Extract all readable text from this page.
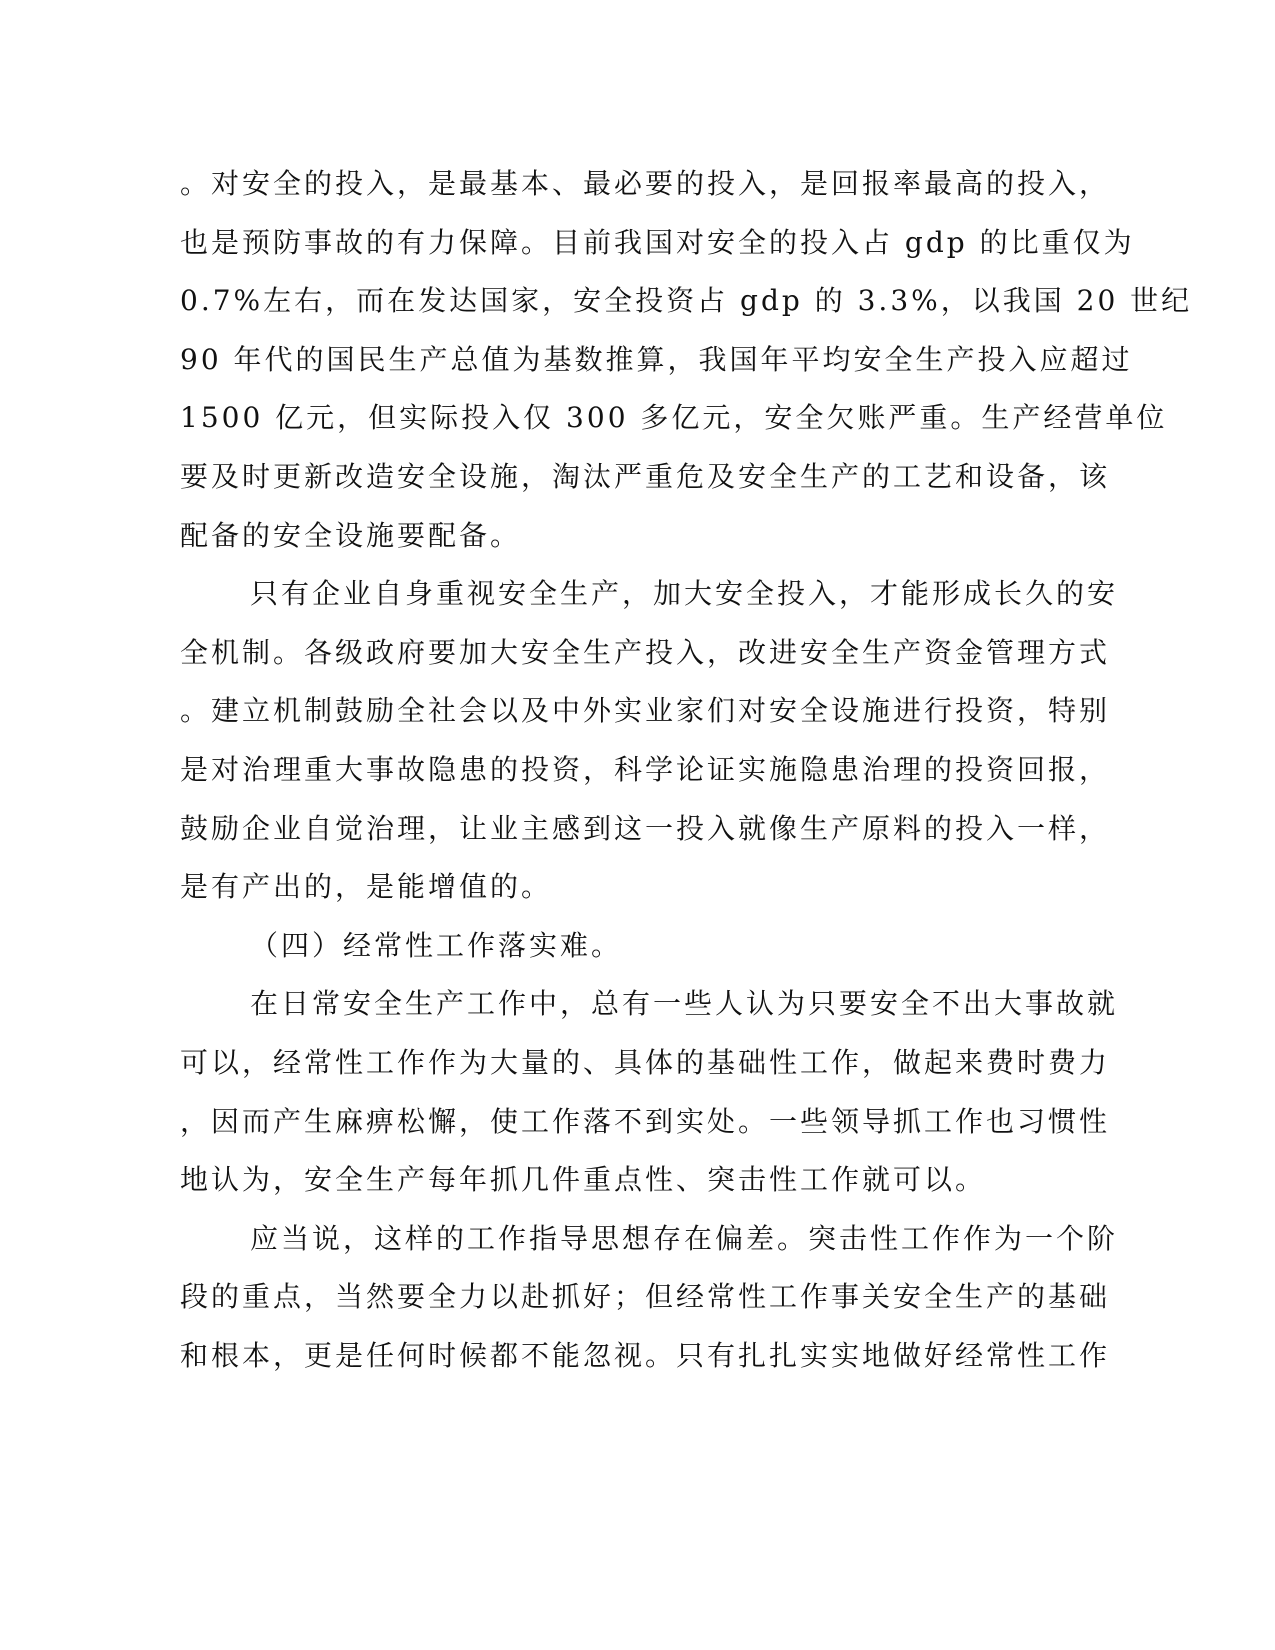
。对安全的投入，是最基本、最必要的投入，是回报率最高的投入，
也是预防事故的有力保障。目前我国对安全的投入占 gdp 的比重仅为
0.7%左右，而在发达国家，安全投资占 gdp 的 3.3%，以我国 20 世纪
90 年代的国民生产总值为基数推算，我国年平均安全生产投入应超过
1500 亿元，但实际投入仅 300 多亿元，安全欠账严重。生产经营单位
要及时更新改造安全设施，淘汰严重危及安全生产的工艺和设备，该
配备的安全设施要配备。
只有企业自身重视安全生产，加大安全投入，才能形成长久的安
全机制。各级政府要加大安全生产投入，改进安全生产资金管理方式
。建立机制鼓励全社会以及中外实业家们对安全设施进行投资，特别
是对治理重大事故隐患的投资，科学论证实施隐患治理的投资回报，
鼓励企业自觉治理，让业主感到这一投入就像生产原料的投入一样，
是有产出的，是能增值的。
（四）经常性工作落实难。
在日常安全生产工作中，总有一些人认为只要安全不出大事故就
可以，经常性工作作为大量的、具体的基础性工作，做起来费时费力
，因而产生麻痹松懈，使工作落不到实处。一些领导抓工作也习惯性
地认为，安全生产每年抓几件重点性、突击性工作就可以。
应当说，这样的工作指导思想存在偏差。突击性工作作为一个阶
段的重点，当然要全力以赴抓好；但经常性工作事关安全生产的基础
和根本，更是任何时候都不能忽视。只有扎扎实实地做好经常性工作
